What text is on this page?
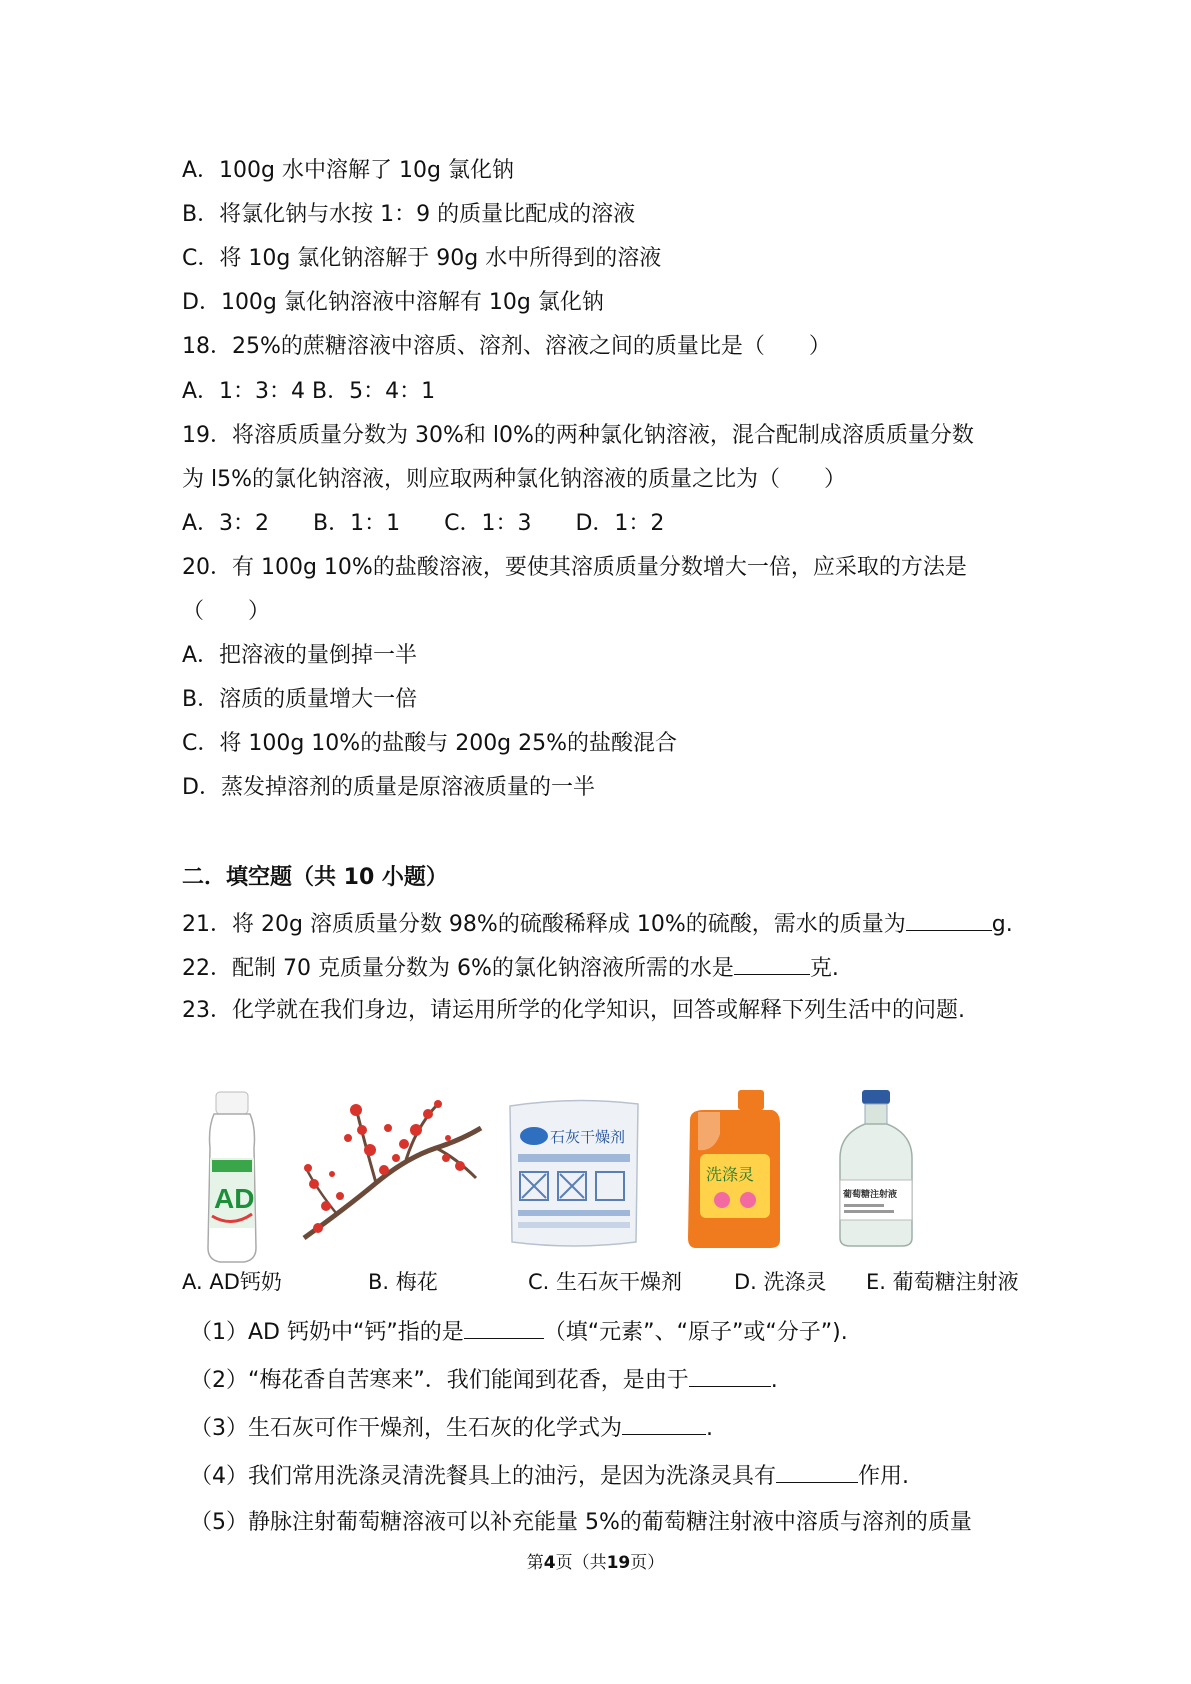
A．100g 水中溶解了 10g 氯化钠
B．将氯化钠与水按 1：9 的质量比配成的溶液
C．将 10g 氯化钠溶解于 90g 水中所得到的溶液
D．100g 氯化钠溶液中溶解有 10g 氯化钠
18．25%的蔗糖溶液中溶质、溶剂、溶液之间的质量比是（　　）
A．1：3：4 B．5：4：1
19．将溶质质量分数为 30%和 l0%的两种氯化钠溶液，混合配制成溶质质量分数
为 l5%的氯化钠溶液，则应取两种氯化钠溶液的质量之比为（　　）
A．3：2　　B．1：1　　C．1：3　　D．1：2
20．有 100g 10%的盐酸溶液，要使其溶质质量分数增大一倍，应采取的方法是
（　　）
A．把溶液的量倒掉一半
B．溶质的质量增大一倍
C．将 100g 10%的盐酸与 200g 25%的盐酸混合
D．蒸发掉溶剂的质量是原溶液质量的一半
二．填空题（共 10 小题）
21．将 20g 溶质质量分数 98%的硫酸稀释成 10%的硫酸，需水的质量为	g.
22．配制 70 克质量分数为 6%的氯化钠溶液所需的水是	克.
23．化学就在我们身边，请运用所学的化学知识，回答或解释下列生活中的问题.
AD
石灰干燥剂
洗涤灵
葡萄糖注射液
A. AD钙奶	B. 梅花	C. 生石灰干燥剂 D. 洗涤灵 E. 葡萄糖注射液
（1）AD 钙奶中“钙”指的是	（填“元素”、“原子”或“分子”).
（2）“梅花香自苦寒来”．我们能闻到花香，是由于	.
（3）生石灰可作干燥剂，生石灰的化学式为	.
（4）我们常用洗涤灵清洗餐具上的油污，是因为洗涤灵具有	作用.
（5）静脉注射葡萄糖溶液可以补充能量 5%的葡萄糖注射液中溶质与溶剂的质量
第4页（共19页）
